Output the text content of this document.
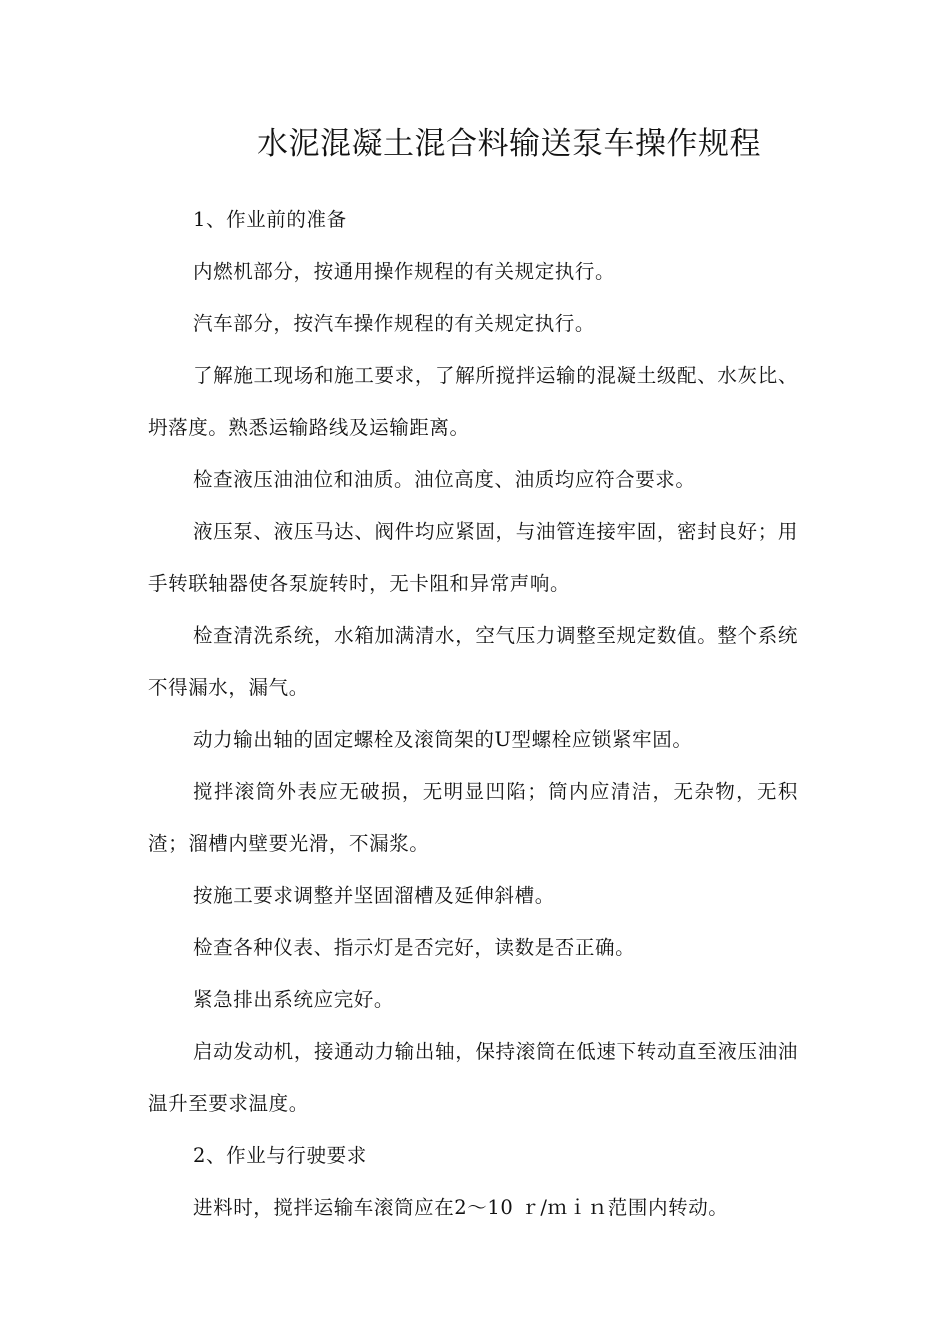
水泥混凝土混合料输送泵车操作规程

1、作业前的准备

内燃机部分，按通用操作规程的有关规定执行。

汽车部分，按汽车操作规程的有关规定执行。

了解施工现场和施工要求，了解所搅拌运输的混凝土级配、水灰比、坍落度。熟悉运输路线及运输距离。

检查液压油油位和油质。油位高度、油质均应符合要求。

液压泵、液压马达、阀件均应紧固，与油管连接牢固，密封良好；用手转联轴器使各泵旋转时，无卡阻和异常声响。

检查清洗系统，水箱加满清水，空气压力调整至规定数值。整个系统不得漏水，漏气。

动力输出轴的固定螺栓及滚筒架的U型螺栓应锁紧牢固。

搅拌滚筒外表应无破损，无明显凹陷；筒内应清洁，无杂物，无积渣；溜槽内壁要光滑，不漏浆。

按施工要求调整并坚固溜槽及延伸斜槽。

检查各种仪表、指示灯是否完好，读数是否正确。

紧急排出系统应完好。

启动发动机，接通动力输出轴，保持滚筒在低速下转动直至液压油油温升至要求温度。

2、作业与行驶要求

进料时，搅拌运输车滚筒应在2～10 ｒ/ｍｉｎ范围内转动。
